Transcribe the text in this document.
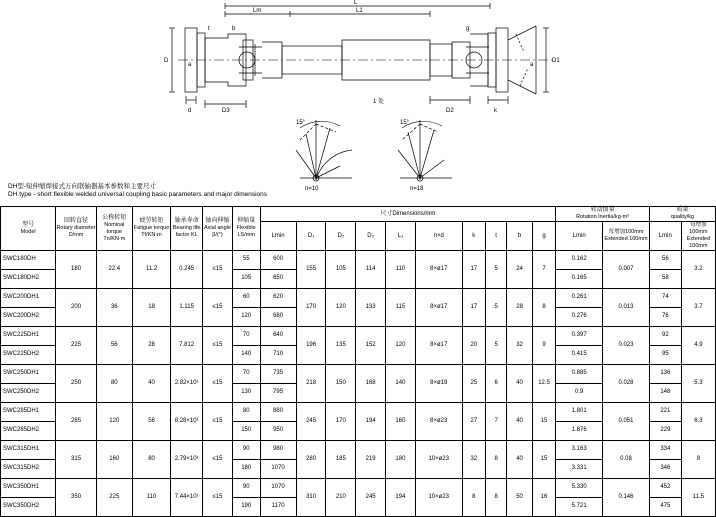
L
Lm	L1
D	D1
d	D3	D2	k
t	b	g
1 处
a	a
n=10	n=18
15°	15°
DH型-短伸缩焊接式万向联轴器基本参数和主要尺寸
DH type - short flexible welded universal coupling basic parameters and major dimensions
型号
Model

回转直径
Rotary diameter
D/mm

公称转矩
Nominal torque
Tn/KN·m

疲劳转矩
Fatigue torque
Tf/KN·m

轴承寿命
Bearing life
factor KL

轴向伸缩
Axial angle
β/(°)

伸缩量
Flexible
LS/mm
	尺寸Dimensions/mm	
转动惯量
Rotation Inertia/kg·m²

质量
quality/kg

Lmin	D₁	D₂	D₃	L₁	n×d	k	t	b	g	Lmin	
每增加100mm
Extended 100mm
	Lmin	
每增加100mm
Extended 100mm

SWC180DH	180	22.4	11.2	0.245	≤15	55	600	155	105	114	110	8×ø17	17	5	24	7	0.162	0.007	56	3.2
SWC180DH2						105	650										0.165		58	
SWC200DH1	200	36	18	1.115	≤15	60	620	170	120	133	115	8×ø17	17	5	28	8	0.261	0.013	74	3.7
SWC200DH2						120	680										0.276		76	
SWC225DH1	225	56	28	7.812	≤15	70	640	196	135	152	120	8×ø17	20	5	32	9	0.397	0.023	92	4.9
SWC225DH2						140	710										0.415		95	
SWC250DH1	250	80	40	2.82×10¹	≤15	70	735	218	150	168	140	8×ø19	25	6	40	12.5	0.885	0.028	136	5.3
SWC250DH2						130	795										0.9		148	
SWC285DH1	285	120	58	8.28×10¹	≤15	80	880	245	170	194	160	8×ø23	27	7	40	15	1.801	0.051	221	6.3
SWC285DH2						150	950										1.876		229	
SWC315DH1	315	160	80	2.79×10¹	≤15	90	980	280	185	219	180	10×ø23	32	8	40	15	3.163	0.08	334	8
SWC315DH2						180	1070										3.331		346	
SWC350DH1	350	225	110	7.44×10¹	≤15	90	1070	310	210	245	194	10×ø23	8	8	50	16	5.330	0.146	452	11.5
SWC350DH2						190	1170										5.721		475	
